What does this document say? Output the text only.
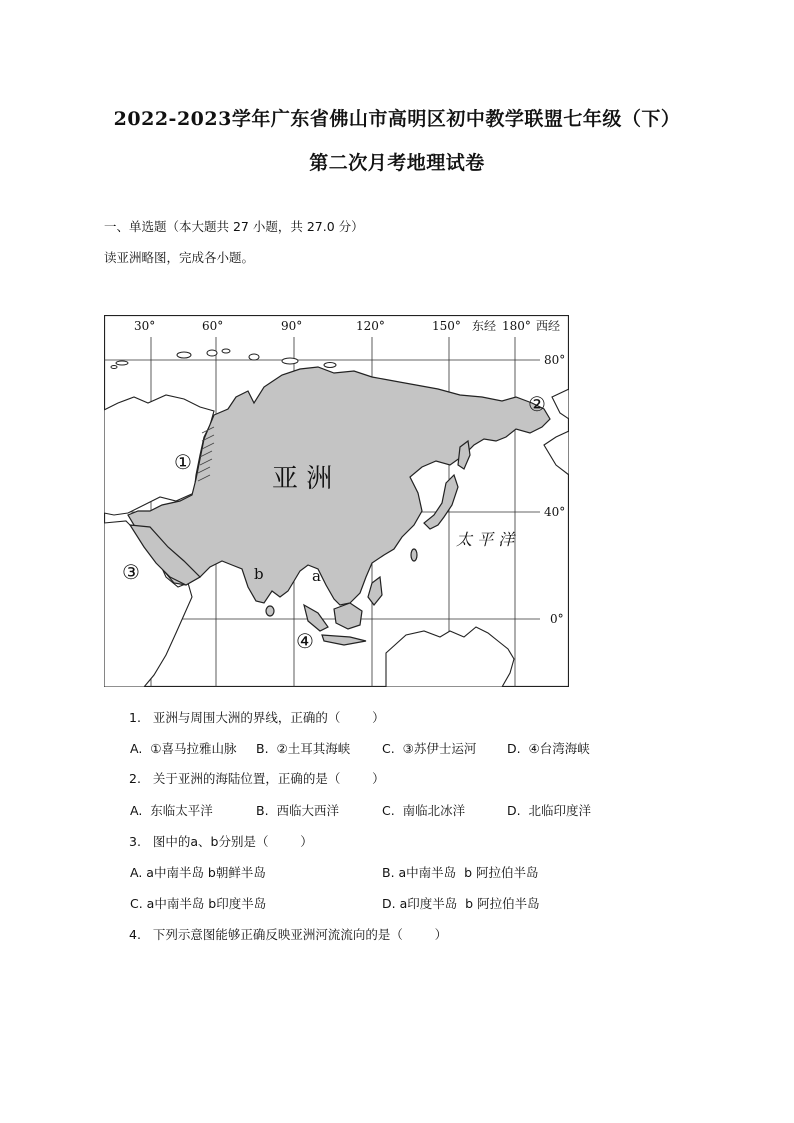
2022-2023学年广东省佛山市高明区初中教学联盟七年级（下）
第二次月考地理试卷
一、单选题（本大题共 27 小题，共 27.0 分）
读亚洲略图，完成各小题。
30°	60°	90°	120°	150° 东经 180° 西经
80°
40°
0°
亚 洲
太 平 洋
①
②
③
④
a
b
1.   亚洲与周围大洲的界线，正确的（        ）
A.  ①喜马拉雅山脉 B.  ②土耳其海峡	C.  ③苏伊士运河 D.  ④台湾海峡
2.   关于亚洲的海陆位置，正确的是（        ）
A.  东临太平洋	B.  西临大西洋	C.  南临北冰洋	D.  北临印度洋
3.   图中的a、b分别是（        ）
A. a中南半岛 b朝鲜半岛	B. a中南半岛  b 阿拉伯半岛
C. a中南半岛 b印度半岛	D. a印度半岛  b 阿拉伯半岛
4.   下列示意图能够正确反映亚洲河流流向的是（        ）
